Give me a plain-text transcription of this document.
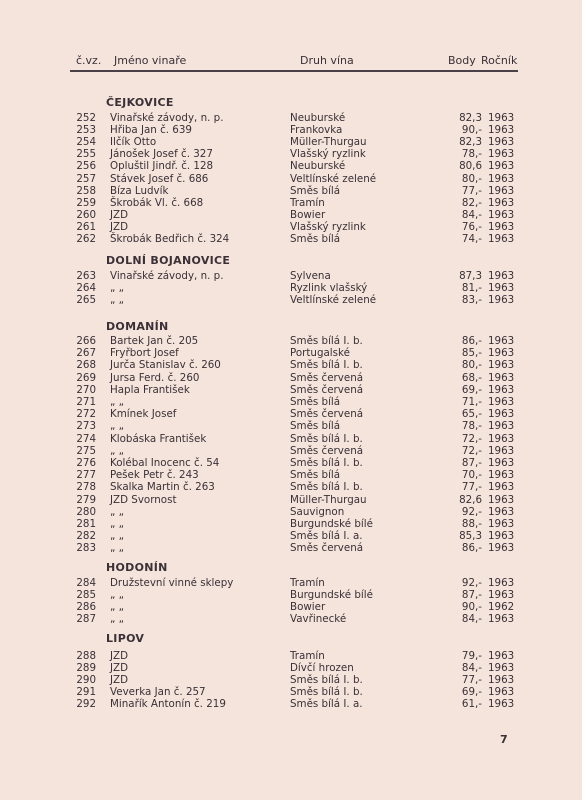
č.vz. Jméno vinaře	Druh vína	Body Ročník
ČEJKOVICE
252 Vinařské závody, n. p.	Neuburské	82,3 1963
253 Hřiba Jan č. 639	Frankovka	90,- 1963
254 Ilčík Otto	Müller-Thurgau	82,3 1963
255 Jánošek Josef č. 327	Vlašský ryzlink	78,- 1963
256 Opluštil Jindř. č. 128	Neuburské	80,6 1963
257 Stávek Josef č. 686	Veltlínské zelené	80,- 1963
258 Bíza Ludvík	Směs bílá	77,- 1963
259 Škrobák Vl. č. 668	Tramín	82,- 1963
260 JZD	Bowier	84,- 1963
261 JZD	Vlašský ryzlink	76,- 1963
262 Škrobák Bedřich č. 324	Směs bílá	74,- 1963
DOLNÍ BOJANOVICE
263 Vinařské závody, n. p.	Sylvena	87,3 1963
264 „ „	Ryzlink vlašský	81,- 1963
265 „ „	Veltlínské zelené	83,- 1963
DOMANÍN
266 Bartek Jan č. 205	Směs bílá I. b.	86,- 1963
267 Fryřbort Josef	Portugalské	85,- 1963
268 Jurča Stanislav č. 260	Směs bílá I. b.	80,- 1963
269 Jursa Ferd. č. 260	Směs červená	68,- 1963
270 Hapla František	Směs červená	69,- 1963
271 „ „	Směs bílá	71,- 1963
272 Kmínek Josef	Směs červená	65,- 1963
273 „ „	Směs bílá	78,- 1963
274 Klobáska František	Směs bílá I. b.	72,- 1963
275 „ „	Směs červená	72,- 1963
276 Kolébal Inocenc č. 54	Směs bílá I. b.	87,- 1963
277 Pešek Petr č. 243	Směs bílá	70,- 1963
278 Skalka Martin č. 263	Směs bílá I. b.	77,- 1963
279 JZD Svornost	Müller-Thurgau	82,6 1963
280 „ „	Sauvignon	92,- 1963
281 „ „	Burgundské bílé	88,- 1963
282 „ „	Směs bílá I. a.	85,3 1963
283 „ „	Směs červená	86,- 1963
HODONÍN
284 Družstevní vinné sklepy	Tramín	92,- 1963
285 „ „	Burgundské bílé	87,- 1963
286 „ „	Bowier	90,- 1962
287 „ „	Vavřinecké	84,- 1963
LIPOV
288 JZD	Tramín	79,- 1963
289 JZD	Dívčí hrozen	84,- 1963
290 JZD	Směs bílá I. b.	77,- 1963
291 Veverka Jan č. 257	Směs bílá I. b.	69,- 1963
292 Minařík Antonín č. 219	Směs bílá I. a.	61,- 1963
7
